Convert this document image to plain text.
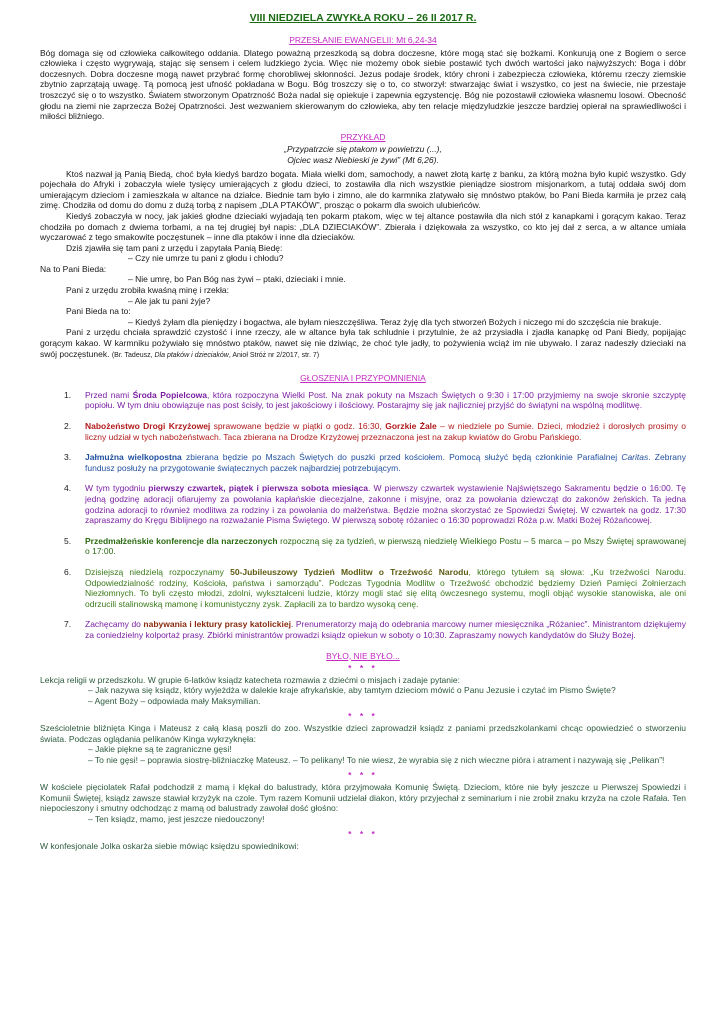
VIII NIEDZIELA ZWYKŁA ROKU – 26 II 2017 R.
PRZESŁANIE EWANGELII: Mt 6,24-34

Bóg domaga się od człowieka całkowitego oddania. Dlatego poważną przeszkodą są dobra doczesne, które mogą stać się bożkami. Konkurują one z Bogiem o serce człowieka i często wygrywają, stając się sensem i celem ludzkiego życia. Więc nie możemy obok siebie postawić tych dwóch wartości jako najwyższych: Boga i dóbr doczesnych. Dobra doczesne mogą nawet przybrać formę chorobliwej skłonności. Jezus podaje środek, który chroni i zabezpiecza człowieka, któremu rzeczy ziemskie zbytnio zaprzątają uwagę. Tą pomocą jest ufność pokładana w Bogu. Bóg troszczy się o to, co stworzył: stwarzając świat i wszystko, co jest na świecie, nie przestaje troszczyć się o to wszystko. Światem stworzonym Opatrzność Boża nadal się opiekuje i zapewnia egzystencję. Bóg nie pozostawił człowieka własnemu losowi. Obecność głodu na ziemi nie zaprzecza Bożej Opatrzności. Jest wezwaniem skierowanym do człowieka, aby ten relacje międzyludzkie jeszcze bardziej opierał na sprawiedliwości i miłości bliźniego.

PRZYKŁAD
„Przypatrzcie się ptakom w powietrzu (...),
Ojciec wasz Niebieski je żywi” (Mt 6,26).

Ktoś nazwał ją Panią Biedą, choć była kiedyś bardzo bogata. Miała wielki dom, samochody, a nawet złotą kartę z banku, za którą można było kupić wszystko. Gdy pojechała do Afryki i zobaczyła wiele tysięcy umierających z głodu dzieci, to zostawiła dla nich wszystkie pieniądze siostrom misjonarkom, a tutaj oddała swój dom umierającym dzieciom i zamieszkała w altance na działce. Biednie tam było i zimno, ale do karmnika zlatywało się mnóstwo ptaków, bo Pani Bieda karmiła je przez całą zimę. Chodziła od domu do domu z dużą torbą z napisem „DLA PTAKÓW”, prosząc o pokarm dla swoich ulubieńców.

Kiedyś zobaczyła w nocy, jak jakieś głodne dzieciaki wyjadają ten pokarm ptakom, więc w tej altance postawiła dla nich stół z kanapkami i gorącym kakao. Teraz chodziła po domach z dwiema torbami, a na tej drugiej był napis: „DLA DZIECIAKÓW”. Zbierała i dziękowała za wszystko, co kto jej dał z serca, a w altance umiała wyczarować z tego smakowite poczęstunek – inne dla ptaków i inne dla dzieciaków.

Dziś zjawiła się tam pani z urzędu i zapytała Panią Biedę:
– Czy nie umrze tu pani z głodu i chłodu?
Na to Pani Bieda:
– Nie umrę, bo Pan Bóg nas żywi – ptaki, dzieciaki i mnie.
Pani z urzędu zrobiła kwaśną minę i rzekła:
– Ale jak tu pani żyje?
Pani Bieda na to:

– Kiedyś żyłam dla pieniędzy i bogactwa, ale byłam nieszczęśliwa. Teraz żyję dla tych stworzeń Bożych i niczego mi do szczęścia nie brakuje.

Pani z urzędu chciała sprawdzić czystość i inne rzeczy, ale w altance była tak schludnie i przytulnie, że aż przysiadła i zjadła kanapkę od Pani Biedy, popijając gorącym kakao. W karmniku pożywiało się mnóstwo ptaków, nawet się nie dziwiąc, że choć tyle jadły, to pożywienia wciąż im nie ubywało. I zaraz nadeszły dzieciaki na swój poczęstunek. (Br. Tadeusz, Dla ptaków i dzieciaków, Anioł Stróż nr 2/2017, str. 7)

GŁOSZENIA I PRZYPOMNIENIA
1. Przed nami Środa Popielcowa, która rozpoczyna Wielki Post. Na znak pokuty na Mszach Świętych o 9:30 i 17:00 przyjmiemy na swoje skronie szczyptę popiołu. W tym dniu obowiązuje nas post ścisły, to jest jakościowy i ilościowy. Postarajmy się jak najliczniej przyjść do świątyni na wspólną modlitwę.
2. Nabożeństwo Drogi Krzyżowej sprawowane będzie w piątki o godz. 16:30, Gorzkie Żale – w niedziele po Sumie. Dzieci, młodzież i dorosłych prosimy o liczny udział w tych nabożeństwach. Taca zbierana na Drodze Krzyżowej przeznaczona jest na zakup kwiatów do Grobu Pańskiego.
3. Jałmużna wielkopostna zbierana będzie po Mszach Świętych do puszki przed kościołem. Pomocą służyć będą członkinie Parafialnej Caritas. Zebrany fundusz posłuży na przygotowanie świątecznych paczek najbardziej potrzebującym.
4. W tym tygodniu pierwszy czwartek, piątek i pierwsza sobota miesiąca. W pierwszy czwartek wystawienie Najświętszego Sakramentu będzie o 16:00. Tę jedną godzinę adoracji ofiarujemy za powołania kapłańskie diecezjalne, zakonne i misyjne, oraz za powołania dziewcząt do zakonów żeńskich. Ta jedna godzina adoracji to również modlitwa za rodziny i za powołania do małżeństwa. Będzie można skorzystać ze Spowiedzi Świętej. W czwartek na godz. 17:30 zapraszamy do Kręgu Biblijnego na rozważanie Pisma Świętego. W pierwszą sobotę różaniec o 16:30 poprowadzi Róża p.w. Matki Bożej Różańcowej.
5. Przedmałżeńskie konferencje dla narzeczonych rozpoczną się za tydzień, w pierwszą niedzielę Wielkiego Postu – 5 marca – po Mszy Świętej sprawowanej o 17:00.
6. Dzisiejszą niedzielą rozpoczynamy 50-Jubileuszowy Tydzień Modlitw o Trzeźwość Narodu, którego tytułem są słowa: „Ku trzeźwości Narodu. Odpowiedzialność rodziny, Kościoła, państwa i samorządu”. Podczas Tygodnia Modlitw o Trzeźwość obchodzić będziemy Dzień Pamięci Żołnierzach Niezłomnych. To byli często młodzi, zdolni, wykształceni ludzie, którzy mogli stać się elitą ówczesnego systemu, mogli objąć wysokie stanowiska, ale oni odrzucili stalinowską mamonę i komunistyczny zysk. Zapłacili za to bardzo wysoką cenę.
7. Zachęcamy do nabywania i lektury prasy katolickiej. Prenumeratorzy mają do odebrania marcowy numer miesięcznika „Różaniec”. Ministrantom dziękujemy za coniedzielny kolportaż prasy. Zbiórki ministrantów prowadzi ksiądz opiekun w soboty o 10:30. Zapraszamy nowych kandydatów do Służy Bożej.
BYŁO, NIE BYŁO...
* * *

Lekcja religii w przedszkolu. W grupie 6-latków ksiądz katecheta rozmawia z dziećmi o misjach i zadaje pytanie:

– Jak nazywa się ksiądz, który wyjeżdża w dalekie kraje afrykańskie, aby tamtym dzieciom mówić o Panu Jezusie i czytać im Pismo Święte?

– Agent Boży – odpowiada mały Maksymilian.

* * *

Sześcioletnie bliźnięta Kinga i Mateusz z całą klasą poszli do zoo. Wszystkie dzieci zaprowadził ksiądz z paniami przedszkolankami chcąc opowiedzieć o stworzeniu świata. Podczas oglądania pelikanów Kinga wykrzyknęła:

– Jakie piękne są te zagraniczne gęsi!

– To nie gęsi! – poprawia siostrę-bliźniaczkę Mateusz. – To pelikany! To nie wiesz, że wyrabia się z nich wieczne pióra i atrament i nazywają się „Pelikan”!

* * *

W kościele pięciolatek Rafał podchodził z mamą i klękał do balustrady, która przyjmowała Komunię Świętą. Dzieciom, które nie były jeszcze u Pierwszej Spowiedzi i Komunii Świętej, ksiądz zawsze stawiał krzyżyk na czole. Tym razem Komunii udzielał diakon, który przyjechał z seminarium i nie zrobił znaku krzyża na czole Rafała. Ten niepocieszony i smutny odchodząc z mamą od balustrady zawołał dość głośno:

– Ten ksiądz, mamo, jest jeszcze niedouczony!

* * *

W konfesjonale Jolka oskarża siebie mówiąc księdzu spowiednikowi:
